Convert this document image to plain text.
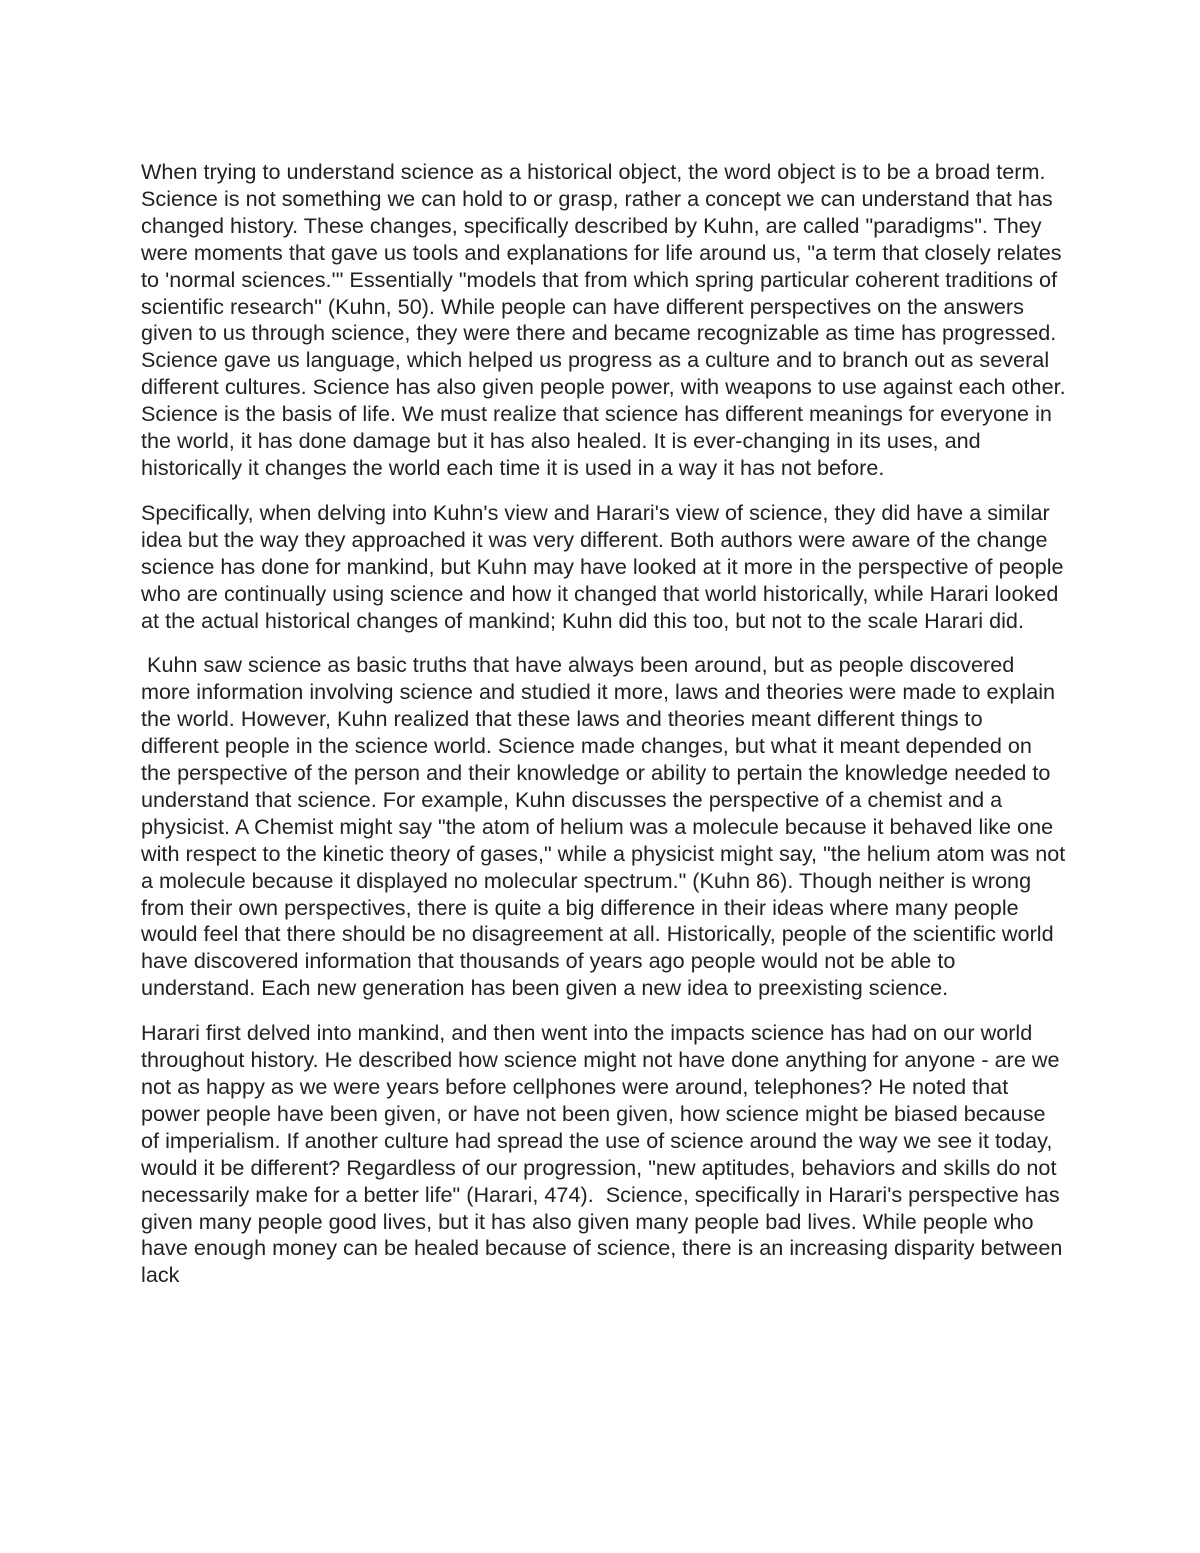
When trying to understand science as a historical object, the word object is to be a broad term. Science is not something we can hold to or grasp, rather a concept we can understand that has changed history. These changes, specifically described by Kuhn, are called "paradigms". They were moments that gave us tools and explanations for life around us, "a term that closely relates to 'normal sciences.'" Essentially "models that from which spring particular coherent traditions of scientific research" (Kuhn, 50). While people can have different perspectives on the answers given to us through science, they were there and became recognizable as time has progressed. Science gave us language, which helped us progress as a culture and to branch out as several different cultures. Science has also given people power, with weapons to use against each other. Science is the basis of life. We must realize that science has different meanings for everyone in the world, it has done damage but it has also healed. It is ever-changing in its uses, and historically it changes the world each time it is used in a way it has not before.

Specifically, when delving into Kuhn's view and Harari's view of science, they did have a similar idea but the way they approached it was very different. Both authors were aware of the change science has done for mankind, but Kuhn may have looked at it more in the perspective of people who are continually using science and how it changed that world historically, while Harari looked at the actual historical changes of mankind; Kuhn did this too, but not to the scale Harari did.

Kuhn saw science as basic truths that have always been around, but as people discovered more information involving science and studied it more, laws and theories were made to explain the world. However, Kuhn realized that these laws and theories meant different things to different people in the science world. Science made changes, but what it meant depended on the perspective of the person and their knowledge or ability to pertain the knowledge needed to understand that science. For example, Kuhn discusses the perspective of a chemist and a physicist. A Chemist might say "the atom of helium was a molecule because it behaved like one with respect to the kinetic theory of gases," while a physicist might say, "the helium atom was not a molecule because it displayed no molecular spectrum." (Kuhn 86). Though neither is wrong from their own perspectives, there is quite a big difference in their ideas where many people would feel that there should be no disagreement at all. Historically, people of the scientific world have discovered information that thousands of years ago people would not be able to understand. Each new generation has been given a new idea to preexisting science.

Harari first delved into mankind, and then went into the impacts science has had on our world throughout history. He described how science might not have done anything for anyone - are we not as happy as we were years before cellphones were around, telephones? He noted that power people have been given, or have not been given, how science might be biased because of imperialism. If another culture had spread the use of science around the way we see it today, would it be different? Regardless of our progression, "new aptitudes, behaviors and skills do not necessarily make for a better life" (Harari, 474).  Science, specifically in Harari's perspective has given many people good lives, but it has also given many people bad lives. While people who have enough money can be healed because of science, there is an increasing disparity between lack
